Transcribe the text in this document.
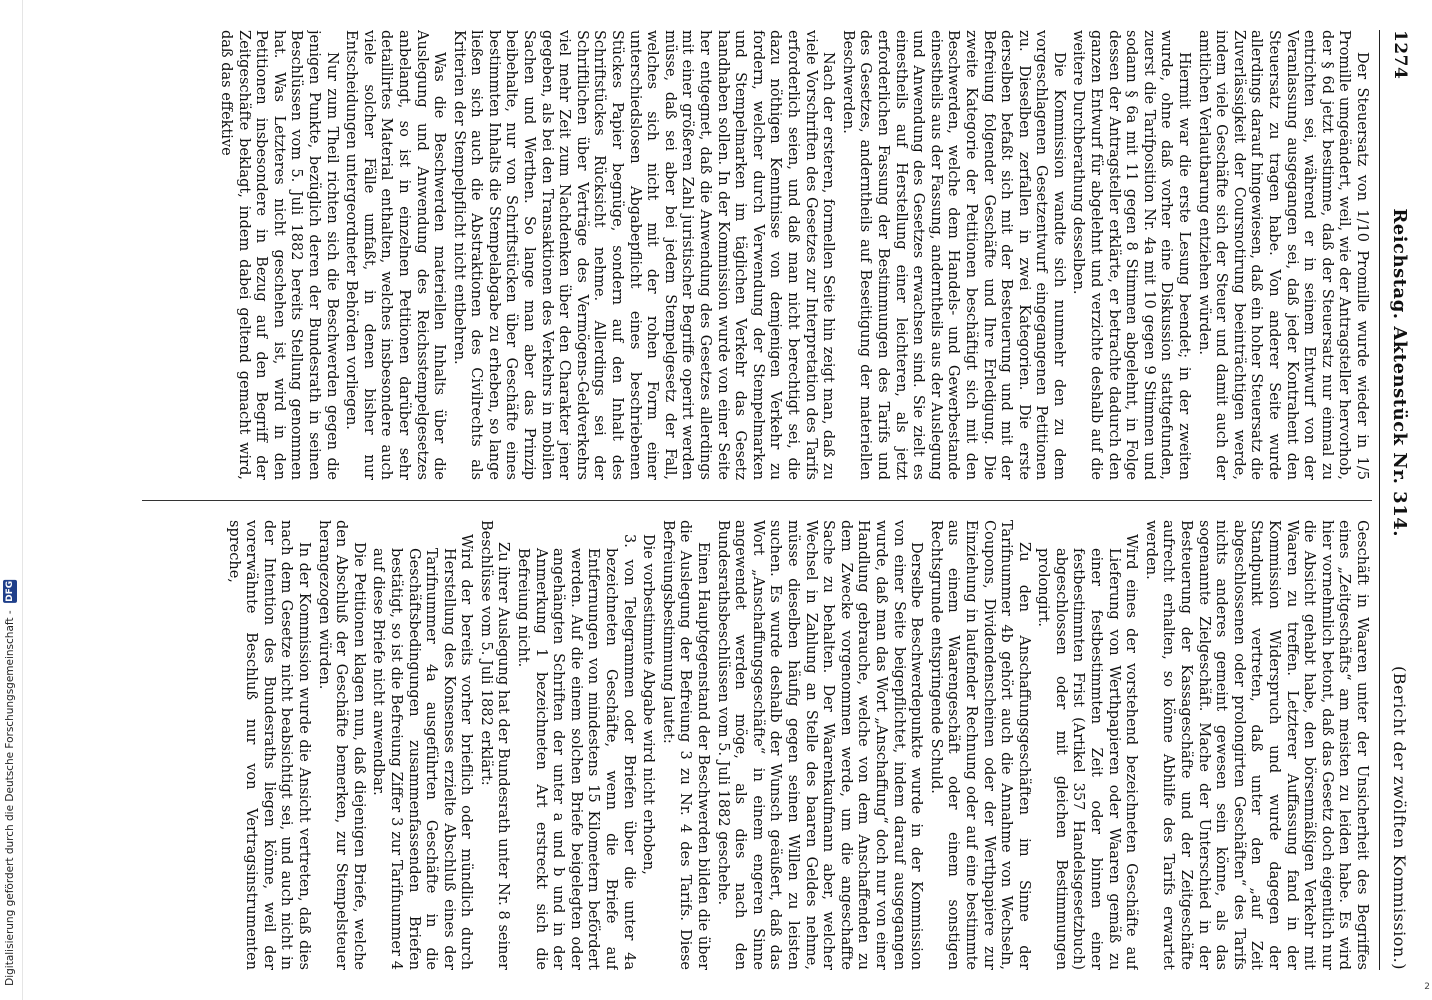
Digitalisierung gefördert durch die Deutsche Forschungsgemeinschaft - DFG
1274
Reichstag. Aktenstück Nr. 314.
(Bericht der zwölften Kommission.)

Der Steuersatz von 1/10 Promille wurde wieder in 1/5 Promille umgeändert, weil, wie der Antragsteller hervorhob, der § 6d jetzt bestimme, daß der Steuersatz nur einmal zu entrichten sei, während er in seinem Entwurf von der Veranlassung ausgegangen sei, daß jeder Kontrahent den Steuersatz zu tragen habe. Von anderer Seite wurde allerdings darauf hingewiesen, daß ein hoher Steuersatz die Zuverlässigkeit der Coursnotirung beeinträchtigen werde, indem viele Geschäfte sich der Steuer und damit auch der amtlichen Verlautbarung entziehen würden.

Hiermit war die erste Lesung beendet; in der zweiten wurde, ohne daß vorher eine Diskussion stattgefunden, zuerst die Tarifposition Nr. 4a mit 10 gegen 9 Stimmen und sodann § 6a mit 11 gegen 8 Stimmen abgelehnt, in Folge dessen der Antragsteller erklärte, er betrachte dadurch den ganzen Entwurf für abgelehnt und verzichte deshalb auf die weitere Durchberathung desselben.

Die Kommission wandte sich nunmehr den zu dem vorgeschlagenen Gesetzentwurf eingegangenen Petitionen zu. Dieselben zerfallen in zwei Kategorien. Die erste derselben befaßt sich mit der Besteuerung und mit der Befreiung folgender Geschäfte und Ihre Erledigung. Die zweite Kategorie der Petitionen beschäftigt sich mit den Beschwerden, welche dem Handels- und Gewerbestande einestheils aus der Fassung, anderntheils aus der Auslegung und Anwendung des Gesetzes erwachsen sind. Sie zielt es einestheils auf Herstellung einer leichteren, als jetzt erforderlichen Fassung der Bestimmungen des Tarifs und des Gesetzes, anderntheils auf Beseitigung der materiellen Beschwerden.

Nach der ersteren, formellen Seite hin zeigt man, daß zu viele Vorschriften des Gesetzes zur Interpretation des Tarifs erforderlich seien, und daß man nicht berechtigt sei, die dazu nöthigen Kenntnisse von demjenigen Verkehr zu fordern, welcher durch Verwendung der Stempelmarken und Stempelmarken im täglichen Verkehr das Gesetz handhaben sollen. In der Kommission wurde von einer Seite her entgegnet, daß die Anwendung des Gesetzes allerdings mit einer größeren Zahl juristischer Begriffe operirt werden müsse, daß sei aber bei jedem Stempelgesetz der Fall, welches sich nicht mit der rohen Form einer unterschiedslosen Abgabepflicht eines beschriebenen Stückes Papier begnüge, sondern auf den Inhalt des Schriftstückes Rücksicht nehme. Allerdings sei der Schriftlichen über Verträge des Vermögens-Geldverkehrs viel mehr Zeit zum Nachdenken über den Charakter jener gegeben, als bei den Transaktionen des Verkehrs in mobilen Sachen und Werthen. So lange man aber das Prinzip beibehalte, nur von Schriftstücken über Geschäfte eines bestimmten Inhalts die Stempelabgabe zu erheben, so lange ließen sich auch die Abstraktionen des Civilrechts als Kriterien der Stempelpflicht nicht entbehren.

Was die Beschwerden materiellen Inhalts über die Auslegung und Anwendung des Reichsstempelgesetzes anbelangt, so ist in einzelnen Petitionen darüber sehr detaillirtes Material enthalten, welches insbesondere auch viele solcher Fälle umfaßt, in denen bisher nur Entscheidungen untergeordneter Behörden vorliegen.

Nur zum Theil richten sich die Beschwerden gegen die jenigen Punkte, bezüglich deren der Bundesrath in seinen Beschlüssen vom 5. Juli 1882 bereits Stellung genommen hat. Was Letzteres nicht geschehen ist, wird in den Petitionen insbesondere in Bezug auf den Begriff der Zeitgeschäfte beklagt, indem dabei geltend gemacht wird, daß das effektive

Geschäft in Waaren unter der Unsicherheit des Begriffes eines „Zeitgeschäfts“ am meisten zu leiden habe. Es wird hier vornehmlich betont, daß das Gesetz doch eigentlich nur die Absicht gehabt habe, den börsenmäßigen Verkehr mit Waaren zu treffen. Letzterer Auffassung fand in der Kommission Widerspruch und wurde dagegen der Standpunkt vertreten, daß unter den „auf Zeit abgeschlossenen oder prolongirten Geschäften“ des Tarifs nichts anderes gemeint gewesen sein könne, als das sogenannte Zielgeschäft. Mache der Unterschied in der Besteuerung der Kassageschäfte und der Zeitgeschäfte aufrecht erhalten, so könne Abhilfe des Tarifs erwartet werden.

Wird eines der vorstehend bezeichneten Geschäfte auf Lieferung von Werthpapieren oder Waaren gemäß zu einer festbestimmten Zeit oder binnen einer festbestimmten Frist (Artikel 357 Handelsgesetzbuch) abgeschlossen oder mit gleichen Bestimmungen prolongirt.

Zu den Anschaffungsgeschäften im Sinne der Tarifnummer 4b gehört auch die Annahme von Wechseln, Coupons, Dividendenscheinen oder der Werthpapiere zur Einziehung in laufender Rechnung oder auf eine bestimmte aus einem Waarengeschäft oder einem sonstigen Rechtsgrunde entspringende Schuld.

Derselbe Beschwerdepunkte wurde in der Kommission von einer Seite beigepflichtet, indem darauf ausgegangen wurde, daß man das Wort „Anschaffung“ doch nur von einer Handlung gebrauche, welche von dem Anschaffenden zu dem Zwecke vorgenommen werde, um die angeschaffte Sache zu behalten. Der Waarenkaufmann aber, welcher Wechsel in Zahlung an Stelle des baaren Geldes nehme, müsse dieselben häufig gegen seinen Willen zu leisten suchen. Es wurde deshalb der Wunsch geäußert, daß das Wort „Anschaffungsgeschäfte“ in einem engeren Sinne angewendet werden möge, als dies nach den Bundesrathsbeschlüssen vom 5. Juli 1882 geschehe.

Einen Hauptgegenstand der Beschwerden bilden die über die Auslegung der Befreiung 3 zu Nr. 4 des Tarifs. Diese Befreiungsbestimmung lautet:

Die vorbestimmte Abgabe wird nicht erhoben,

3. von Telegrammen oder Briefen über die unter 4a bezeichneten Geschäfte, wenn die Briefe auf Entfernungen von mindestens 15 Kilometern befördert werden. Auf die einem solchen Briefe beigelegten oder angehängten Schriften der unter a und b und in der Anmerkung 1 bezeichneten Art erstreckt sich die Befreiung nicht.

Zu ihrer Auslegung hat der Bundesrath unter Nr. 8 seiner Beschlüsse vom 5. Juli 1882 erklärt:

Wird der bereits vorher brieflich oder mündlich durch Herstellung des Konsenses erzielte Abschluß eines der Tarifnummer 4a ausgeführten Geschäfte in die Geschäftsbedingungen zusammenfassenden Briefen bestätigt, so ist die Befreiung Ziffer 3 zur Tarifnummer 4 auf diese Briefe nicht anwendbar.

Die Petitionen klagen nun, daß diejenigen Briefe, welche den Abschluß der Geschäfte bemerken, zur Stempelsteuer herangezogen würden.

In der Kommission wurde die Ansicht vertreten, daß dies nach dem Gesetze nicht beabsichtigt sei, und auch nicht in der Intention des Bundesraths liegen könne, weil der vorerwähnte Beschluß nur von Vertragsinstrumenten spreche,

2
